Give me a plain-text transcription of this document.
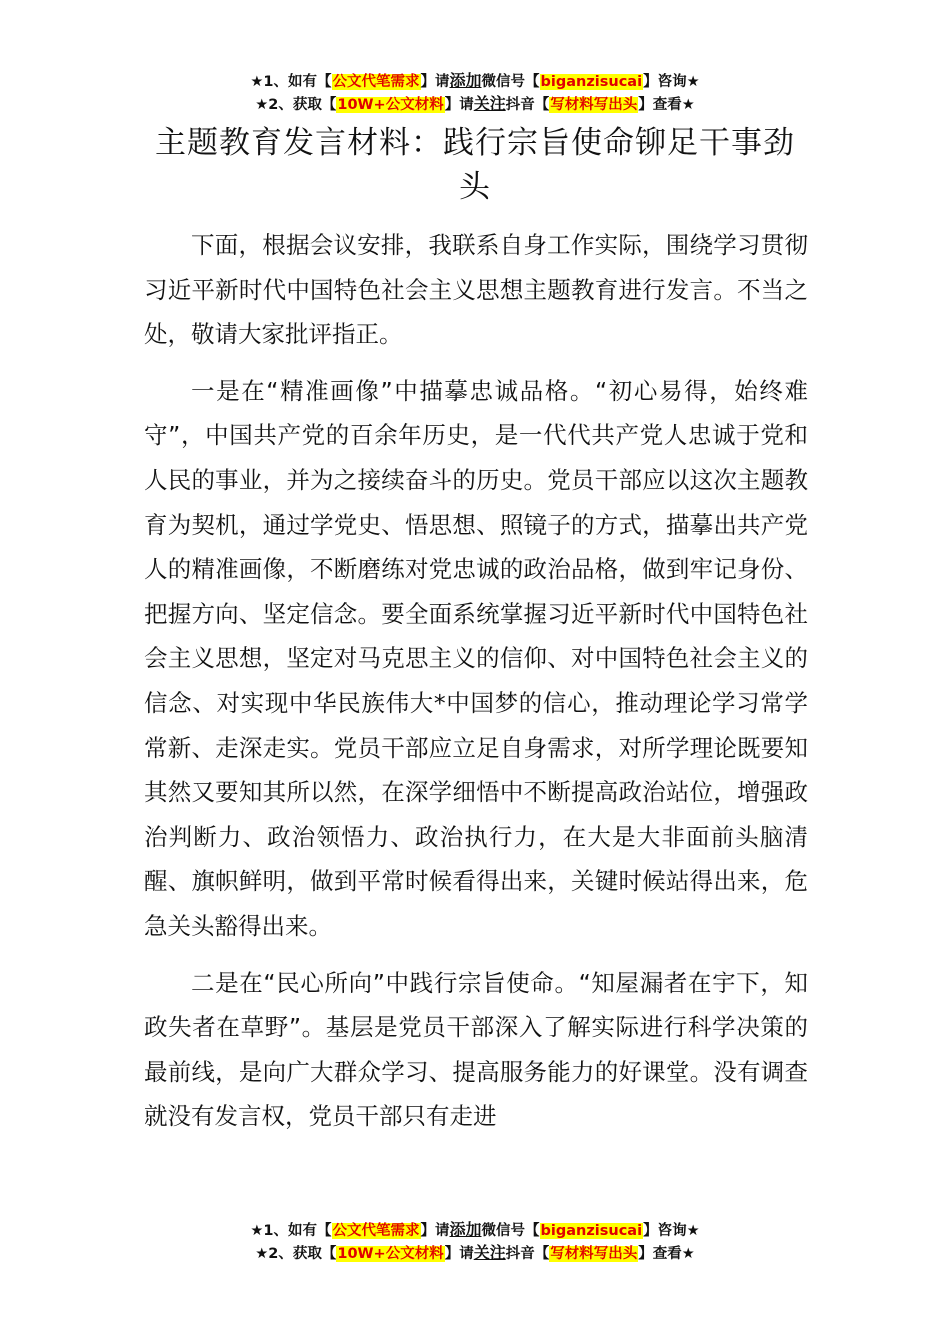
★1、如有【公文代笔需求】请添加微信号【biganzisucai】咨询★
★2、获取【10W+公文材料】请关注抖音【写材料写出头】查看★
主题教育发言材料：践行宗旨使命铆足干事劲头

下面，根据会议安排，我联系自身工作实际，围绕学习贯彻习近平新时代中国特色社会主义思想主题教育进行发言。不当之处，敬请大家批评指正。

一是在“精准画像”中描摹忠诚品格。“初心易得，始终难守”，中国共产党的百余年历史，是一代代共产党人忠诚于党和人民的事业，并为之接续奋斗的历史。党员干部应以这次主题教育为契机，通过学党史、悟思想、照镜子的方式，描摹出共产党人的精准画像，不断磨练对党忠诚的政治品格，做到牢记身份、把握方向、坚定信念。要全面系统掌握习近平新时代中国特色社会主义思想，坚定对马克思主义的信仰、对中国特色社会主义的信念、对实现中华民族伟大*中国梦的信心，推动理论学习常学常新、走深走实。党员干部应立足自身需求，对所学理论既要知其然又要知其所以然，在深学细悟中不断提高政治站位，增强政治判断力、政治领悟力、政治执行力，在大是大非面前头脑清醒、旗帜鲜明，做到平常时候看得出来，关键时候站得出来，危急关头豁得出来。

二是在“民心所向”中践行宗旨使命。“知屋漏者在宇下，知政失者在草野”。基层是党员干部深入了解实际进行科学决策的最前线，是向广大群众学习、提高服务能力的好课堂。没有调查就没有发言权，党员干部只有走进

★1、如有【公文代笔需求】请添加微信号【biganzisucai】咨询★
★2、获取【10W+公文材料】请关注抖音【写材料写出头】查看★
